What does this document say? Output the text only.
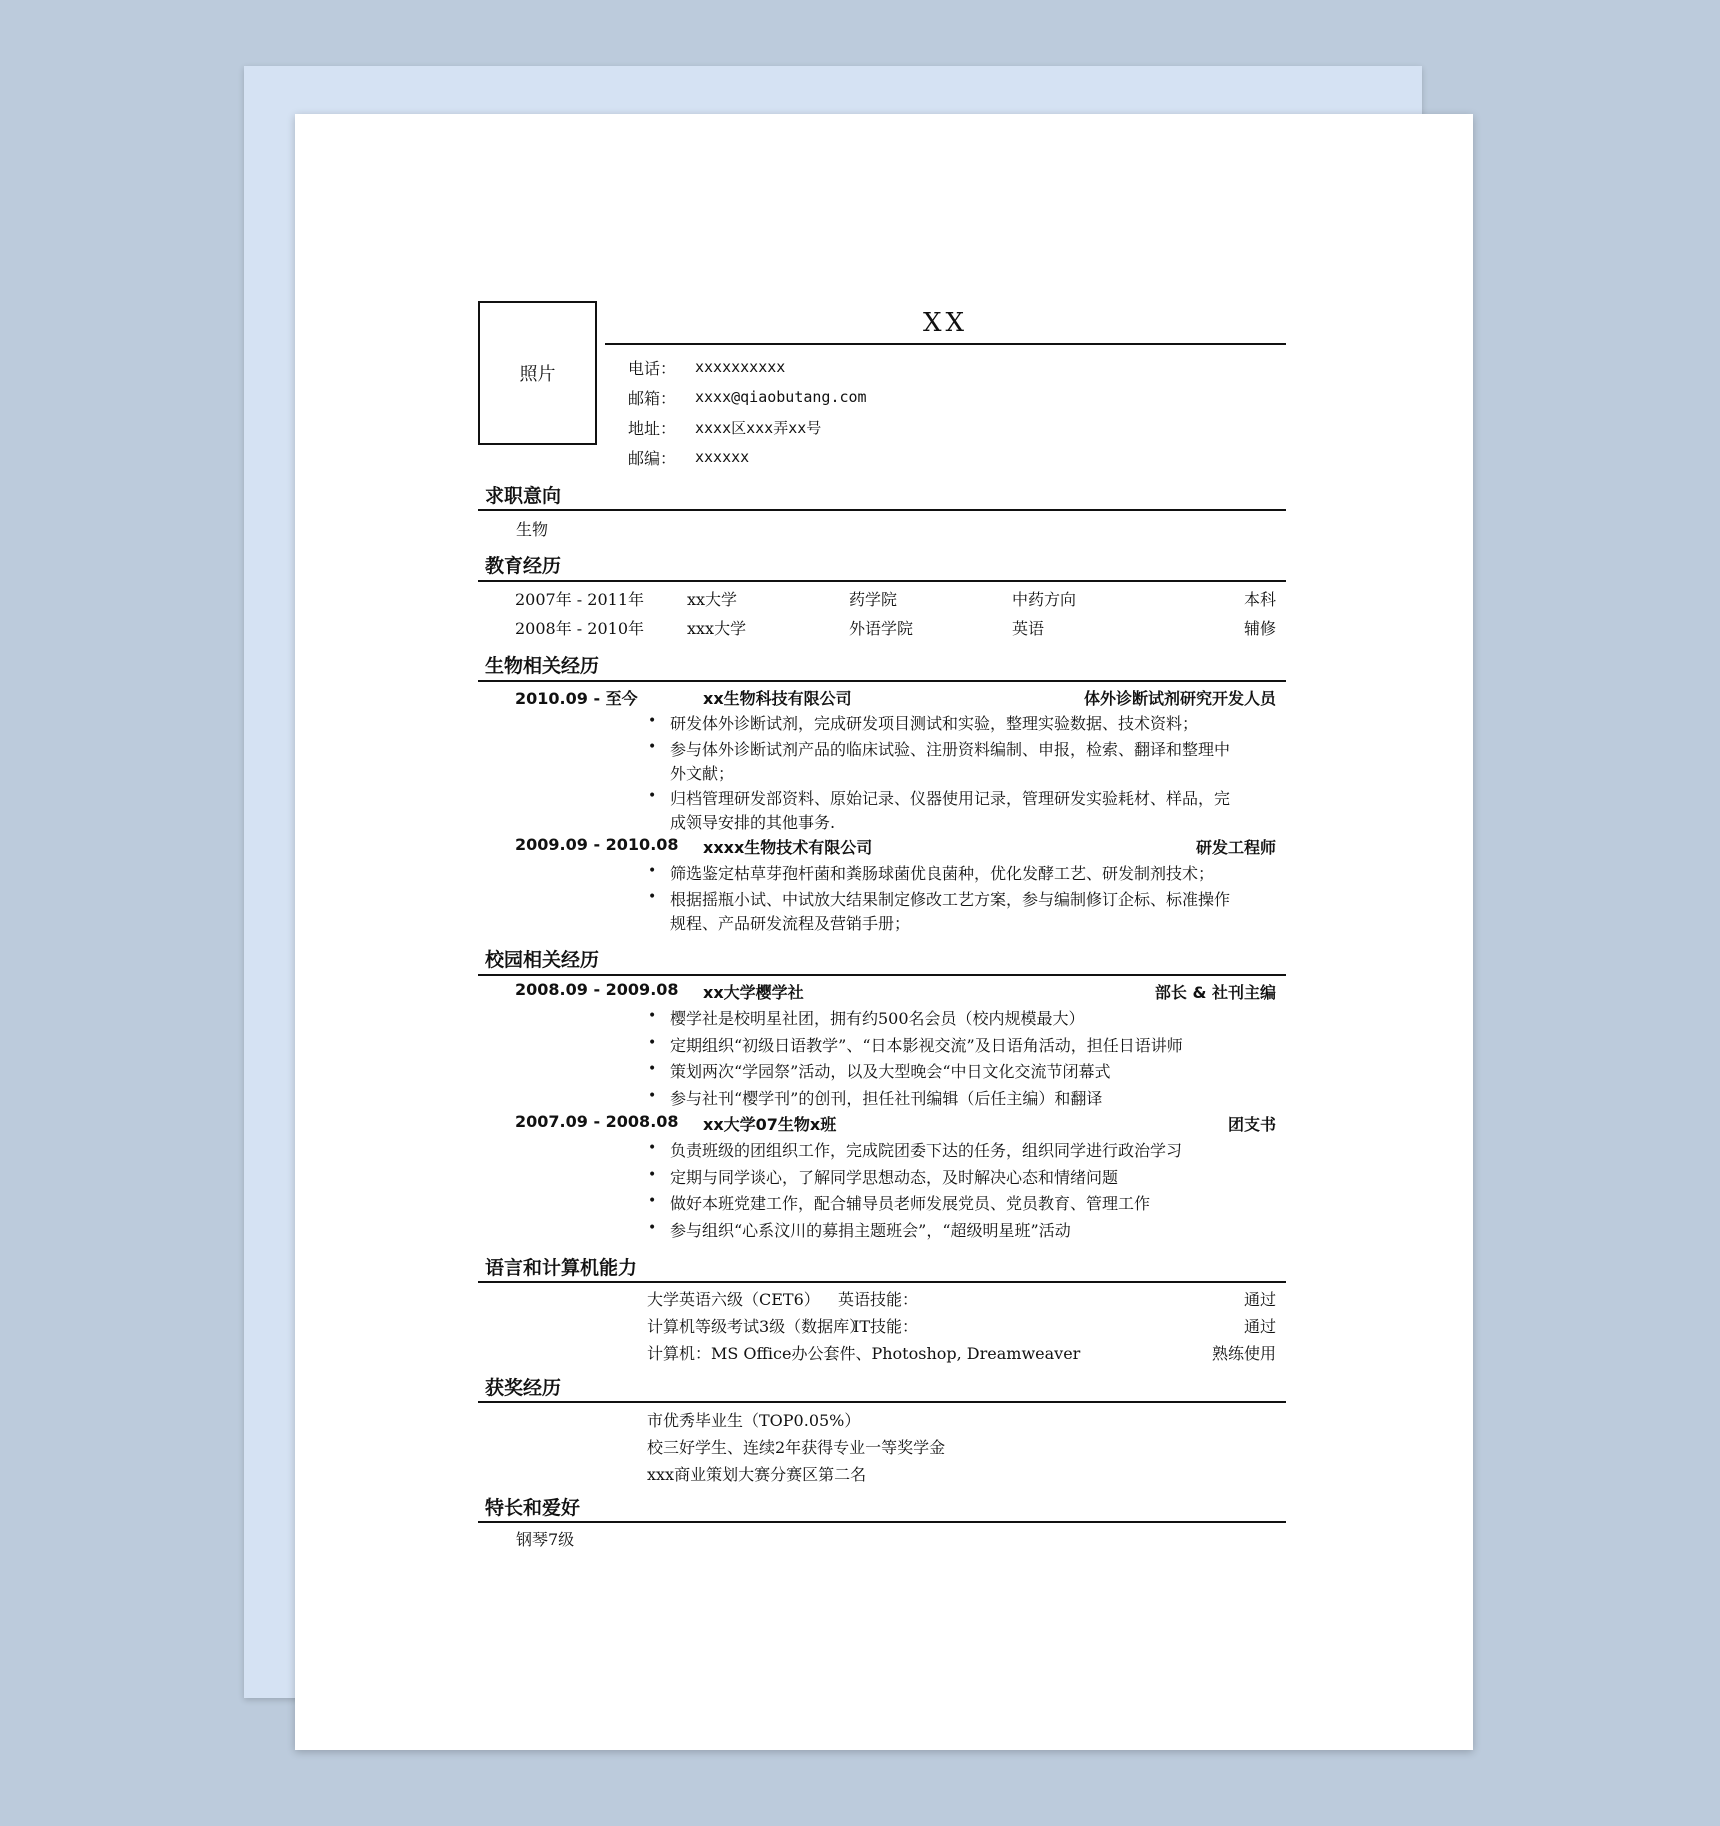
照片
XX
电话： xxxxxxxxxx
邮箱： xxxx@qiaobutang.com
地址： xxxx区xxx弄xx号
邮编： xxxxxx
求职意向
生物
教育经历
2007年 - 2011年	xx大学	药学院	中药方向	本科
2008年 - 2010年	xxx大学	外语学院	英语	辅修
生物相关经历
2010.09 - 至今	xx生物科技有限公司	体外诊断试剂研究开发人员
• 研发体外诊断试剂，完成研发项目测试和实验，整理实验数据、技术资料；
• 参与体外诊断试剂产品的临床试验、注册资料编制、申报，检索、翻译和整理中
外文献；
• 归档管理研发部资料、原始记录、仪器使用记录，管理研发实验耗材、样品，完
成领导安排的其他事务.
2009.09 - 2010.08 xxxx生物技术有限公司	研发工程师
• 筛选鉴定枯草芽孢杆菌和粪肠球菌优良菌种，优化发酵工艺、研发制剂技术；
• 根据摇瓶小试、中试放大结果制定修改工艺方案，参与编制修订企标、标准操作
规程、产品研发流程及营销手册；
校园相关经历
2008.09 - 2009.08 xx大学樱学社	部长 & 社刊主编
• 樱学社是校明星社团，拥有约500名会员（校内规模最大）
• 定期组织“初级日语教学”、“日本影视交流”及日语角活动，担任日语讲师
• 策划两次“学园祭”活动，以及大型晚会“中日文化交流节闭幕式
• 参与社刊“樱学刊”的创刊，担任社刊编辑（后任主编）和翻译
2007.09 - 2008.08 xx大学07生物x班	团支书
• 负责班级的团组织工作，完成院团委下达的任务，组织同学进行政治学习
• 定期与同学谈心，了解同学思想动态，及时解决心态和情绪问题
• 做好本班党建工作，配合辅导员老师发展党员、党员教育、管理工作
• 参与组织“心系汶川的募捐主题班会”，“超级明星班”活动
语言和计算机能力
英语技能：
大学英语六级（CET6）	通过
IT技能：
计算机等级考试3级（数据库）	通过
计算机：MS Office办公套件、Photoshop, Dreamweaver	熟练使用
获奖经历
市优秀毕业生（TOP0.05%）
校三好学生、连续2年获得专业一等奖学金
xxx商业策划大赛分赛区第二名
特长和爱好
钢琴7级
